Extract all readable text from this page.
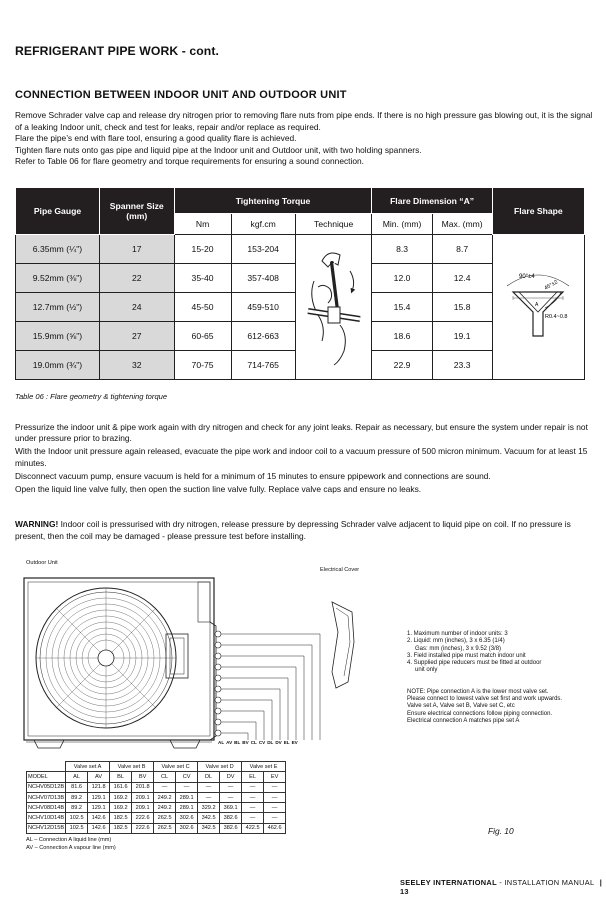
REFRIGERANT PIPE WORK - cont.
CONNECTION BETWEEN INDOOR UNIT AND OUTDOOR UNIT

Remove Schrader valve cap and release dry nitrogen prior to removing flare nuts from pipe ends. If there is no high pressure gas blowing out, it is the signal of a leaking Indoor unit, check and test for leaks, repair and/or replace as required.

Flare the pipe’s end with flare tool, ensuring a good quality flare is achieved.

Tighten flare nuts onto gas pipe and liquid pipe at the Indoor unit and Outdoor unit, with two holding spanners.

Refer to Table 06 for flare geometry and torque requirements for ensuring a sound connection.

Pipe Gauge	Spanner Size (mm)	Tightening Torque			Flare Dimension “A”		Flare Shape
		Nm	kgf.cm	Technique	Min. (mm)	Max. (mm)	
6.35mm (¼")	17	15-20	153-204		8.3	8.7	90°±4
45°±2
R0.4~0.8
A

9.52mm (⅜")	22	35-40	357-408		12.0	12.4	
12.7mm (½")	24	45-50	459-510		15.4	15.8	
15.9mm (⅝")	27	60-65	612-663		18.6	19.1	
19.0mm (¾")	32	70-75	714-765		22.9	23.3	
Table 06 : Flare geometry & tightening torque

Pressurize the indoor unit & pipe work again with dry nitrogen and check for any joint leaks. Repair as necessary, but ensure the system under repair is not under pressure prior to brazing.

With the Indoor unit pressure again released, evacuate the pipe work and indoor coil to a vacuum pressure of 500 micron minimum. Vacuum for at least 15 minutes.

Disconnect vacuum pump, ensure vacuum is held for a minimum of 15 minutes to ensure ppipework and connections are sound.

Open the liquid line valve fully, then open the suction line valve fully. Replace valve caps and ensure no leaks.

WARNING! Indoor coil is pressurised with dry nitrogen, release pressure by depressing Schrader valve adjacent to liquid pipe on coil. If no pressure is present, then the coil may be damaged - please pressure test before installing.
Outdoor Unit
Electrical Cover
AL AV BL BV CL CV DL DV EL EV

1. Maximum number of indoor units: 3

2. Liquid: mm (inches), 3 x 6.35 (1/4)

Gas: mm (inches), 3 x 9.52 (3/8)

3. Field installed pipe must match indoor unit

4. Supplied pipe reducers must be fitted at outdoor

unit only

NOTE: Pipe connection A is the lower most valve set.

Please connect to lowest valve set first and work upwards.

Valve set A, Valve set B, Valve set C, etc

Ensure electrical connections follow piping connection.

Electrical connection A matches pipe set A

	Valve set A		Valve set B		Valve set C		Valve set D		Valve set E	
MODEL	AL	AV	BL	BV	CL	CV	DL	DV	EL	EV
NCHV05D12B	81.6	121.8	161.6	201.8	—	—	—	—	—	—
NCHV07D13B	89.2	129.1	169.2	209.1	249.2	289.1	—	—	—	—
NCHV08D14B	89.2	129.1	169.2	209.1	249.2	289.1	329.2	369.1	—	—
NCHV10D14B	102.5	142.6	182.5	222.6	262.5	302.6	342.5	382.6	—	—
NCHV12D15B	102.5	142.6	182.5	222.6	262.5	302.6	342.5	382.6	422.5	462.6
AL – Connection A liquid line (mm)
AV – Connection A vapour line (mm)
Fig. 10
SEELEY INTERNATIONAL - INSTALLATION MANUAL | 13
